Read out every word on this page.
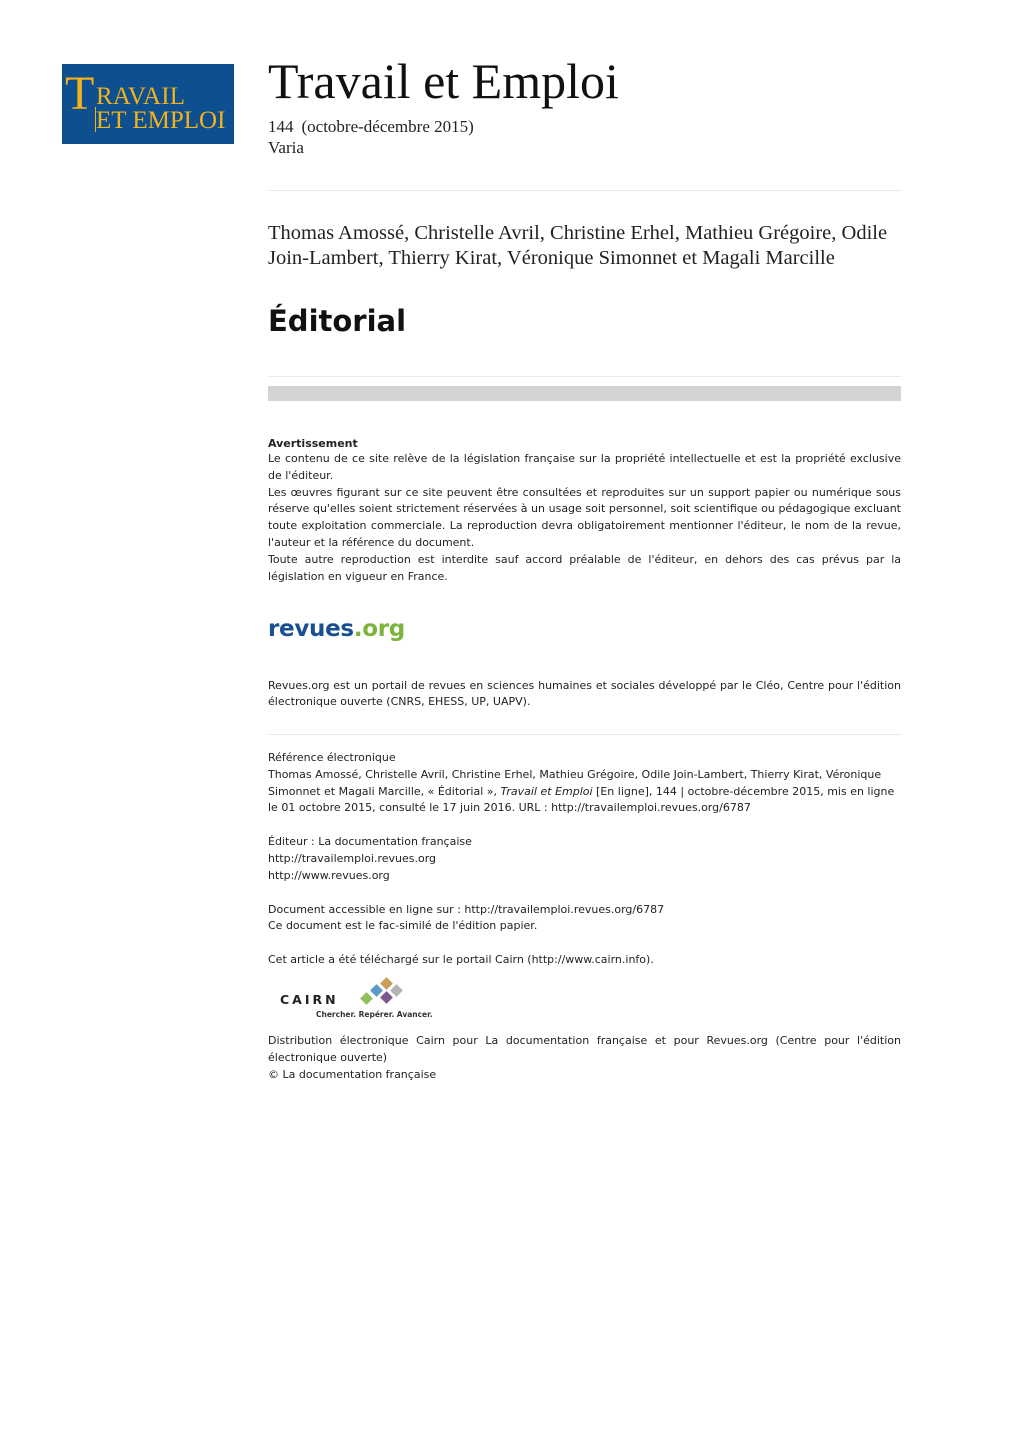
T RAVAIL
ET EMPLOI
Travail et Emploi
144 (octobre-décembre 2015)
Varia
Thomas Amossé, Christelle Avril, Christine Erhel, Mathieu Grégoire, Odile Join-Lambert, Thierry Kirat, Véronique Simonnet et Magali Marcille
Éditorial
Avertissement

Le contenu de ce site relève de la législation française sur la propriété intellectuelle et est la propriété exclusive de l'éditeur.

Les œuvres figurant sur ce site peuvent être consultées et reproduites sur un support papier ou numérique sous réserve qu'elles soient strictement réservées à un usage soit personnel, soit scientifique ou pédagogique excluant toute exploitation commerciale. La reproduction devra obligatoirement mentionner l'éditeur, le nom de la revue, l'auteur et la référence du document.

Toute autre reproduction est interdite sauf accord préalable de l'éditeur, en dehors des cas prévus par la législation en vigueur en France.

revues.org
Revues.org est un portail de revues en sciences humaines et sociales développé par le Cléo, Centre pour l'édition électronique ouverte (CNRS, EHESS, UP, UAPV).

Référence électronique

Thomas Amossé, Christelle Avril, Christine Erhel, Mathieu Grégoire, Odile Join-Lambert, Thierry Kirat, Véronique Simonnet et Magali Marcille, « Éditorial », Travail et Emploi [En ligne], 144 | octobre-décembre 2015, mis en ligne le 01 octobre 2015, consulté le 17 juin 2016. URL : http://travailemploi.revues.org/6787

Éditeur : La documentation française

http://travailemploi.revues.org

http://www.revues.org

Document accessible en ligne sur : http://travailemploi.revues.org/6787

Ce document est le fac-similé de l'édition papier.

Cet article a été téléchargé sur le portail Cairn (http://www.cairn.info).

CAIRN
Chercher. Repérer. Avancer.

Distribution électronique Cairn pour La documentation française et pour Revues.org (Centre pour l'édition électronique ouverte)

© La documentation française
